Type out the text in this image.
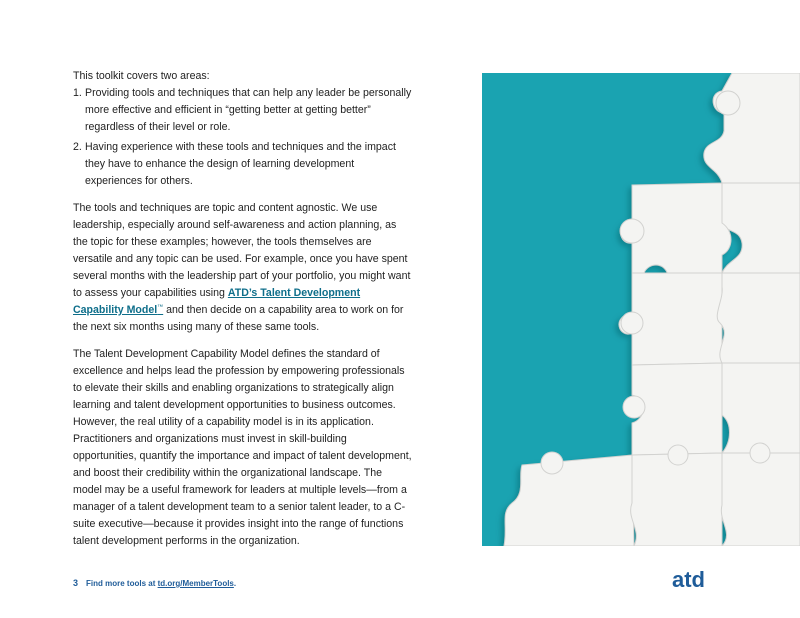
This toolkit covers two areas:

1. Providing tools and techniques that can help any leader be personally more effective and efficient in “getting better at getting better” regardless of their level or role.
2. Having experience with these tools and techniques and the impact they have to enhance the design of learning development experiences for others.

The tools and techniques are topic and content agnostic. We use leadership, especially around self-awareness and action planning, as the topic for these examples; however, the tools themselves are versatile and any topic can be used. For example, once you have spent several months with the leadership part of your portfolio, you might want to assess your capabilities using ATD’s Talent Development Capability Model™ and then decide on a capability area to work on for the next six months using many of these same tools.

The Talent Development Capability Model defines the standard of excellence and helps lead the profession by empowering professionals to elevate their skills and enabling organizations to strategically align learning and talent development opportunities to business outcomes. However, the real utility of a capability model is in its application. Practitioners and organizations must invest in skill-building opportunities, quantify the importance and impact of talent development, and boost their credibility within the organizational landscape. The model may be a useful framework for leaders at multiple levels—from a manager of a talent development team to a senior talent leader, to a C-suite executive—because it provides insight into the range of functions talent development performs in the organization.

3 Find more tools at td.org/MemberTools.	atd
